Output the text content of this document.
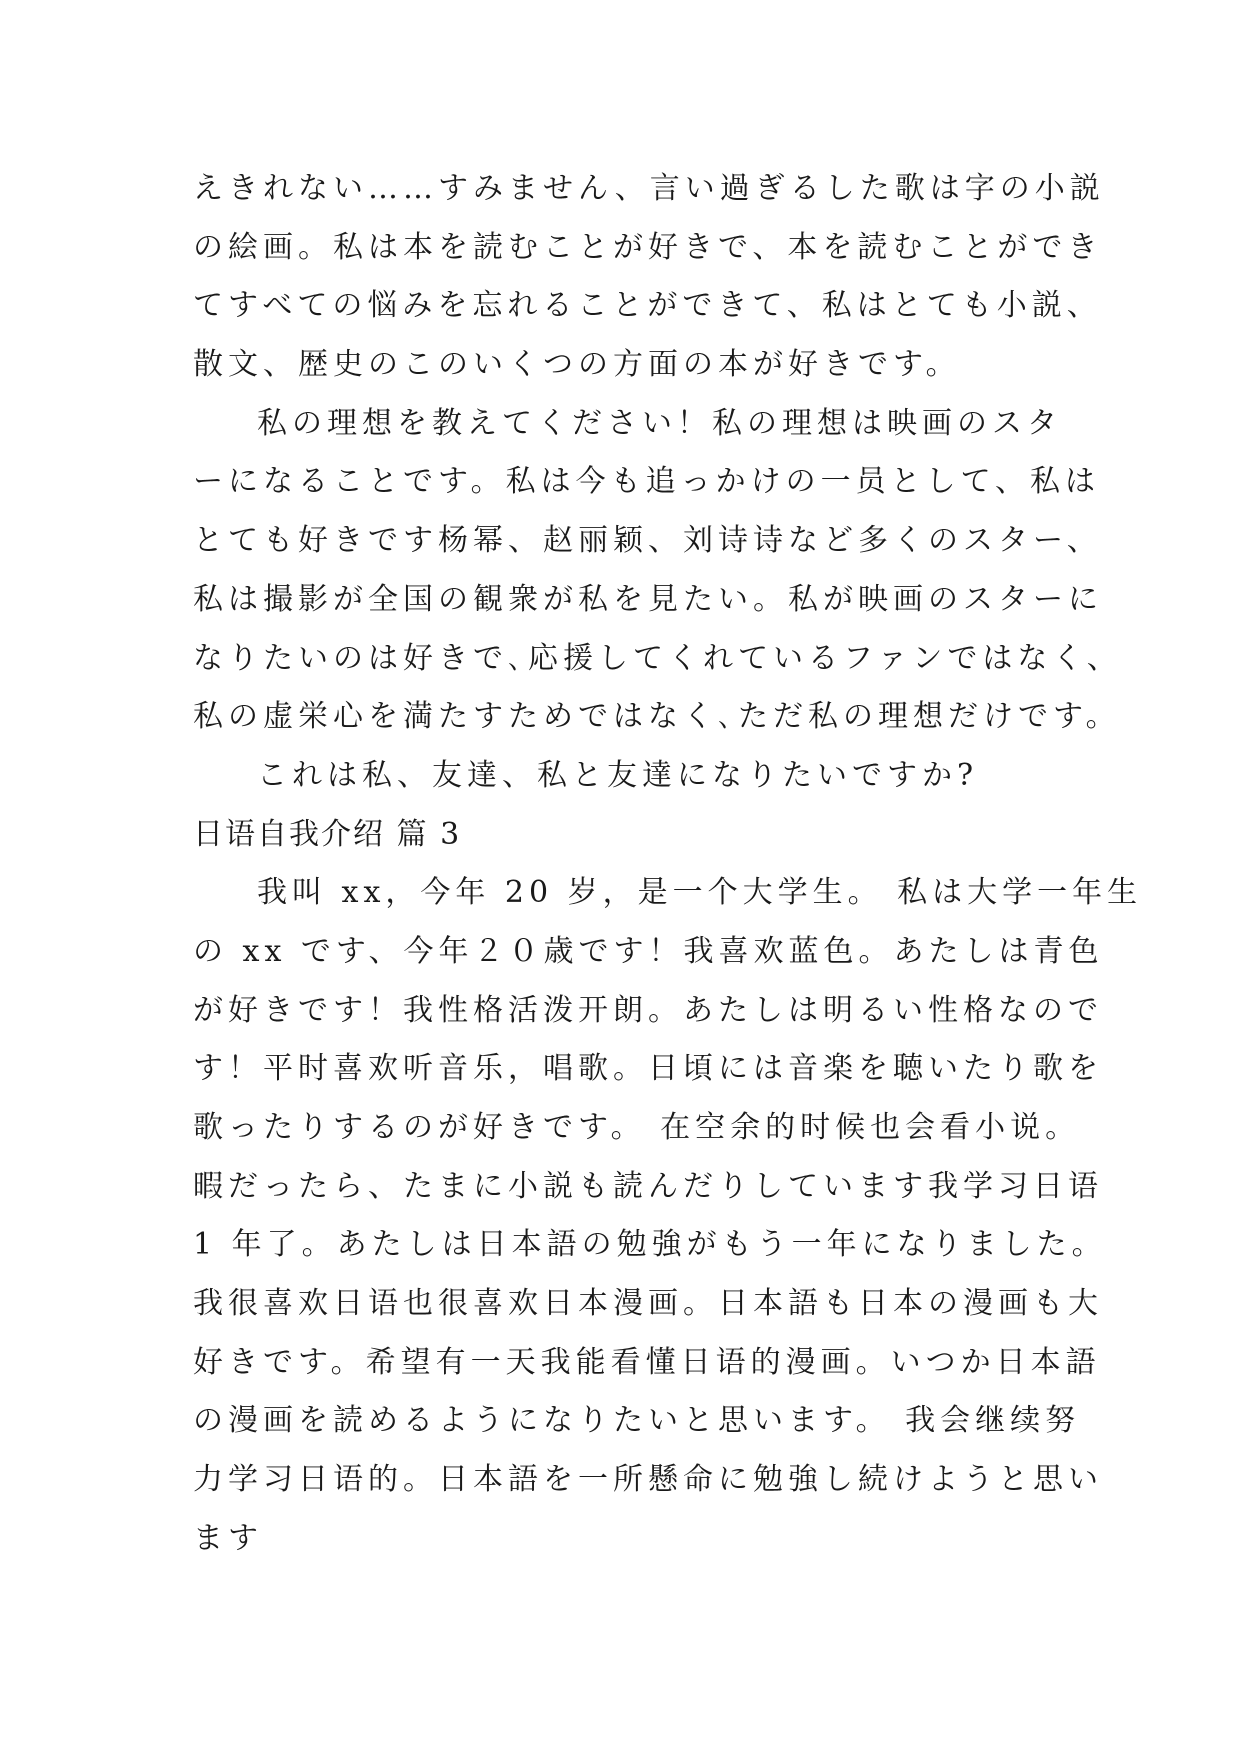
えきれない……すみません、言い過ぎるした歌は字の小説
の絵画。私は本を読むことが好きで、本を読むことができ
てすべての悩みを忘れることができて、私はとても小説、
散文、歴史のこのいくつの方面の本が好きです。
私の理想を教えてください！私の理想は映画のスタ
ーになることです。私は今も追っかけの一员として、私は
とても好きです杨幂、赵丽颖、刘诗诗など多くのスター、
私は撮影が全国の観衆が私を見たい。私が映画のスターに
なりたいのは好きで､応援してくれているファンではなく、
私の虚栄心を満たすためではなく､ただ私の理想だけです。
これは私、友達、私と友達になりたいですか?
日语自我介绍 篇 3
我叫 xx，今年 20 岁，是一个大学生。 私は大学一年生
の xx です、今年２０歳です！我喜欢蓝色。あたしは青色
が好きです！我性格活泼开朗。あたしは明るい性格なので
す！平时喜欢听音乐，唱歌。日頃には音楽を聴いたり歌を
歌ったりするのが好きです。 在空余的时候也会看小说。
暇だったら、たまに小説も読んだりしています我学习日语
1 年了。あたしは日本語の勉強がもう一年になりました。
我很喜欢日语也很喜欢日本漫画。日本語も日本の漫画も大
好きです。希望有一天我能看懂日语的漫画。いつか日本語
の漫画を読めるようになりたいと思います。 我会继续努
力学习日语的。日本語を一所懸命に勉強し続けようと思い
ます
